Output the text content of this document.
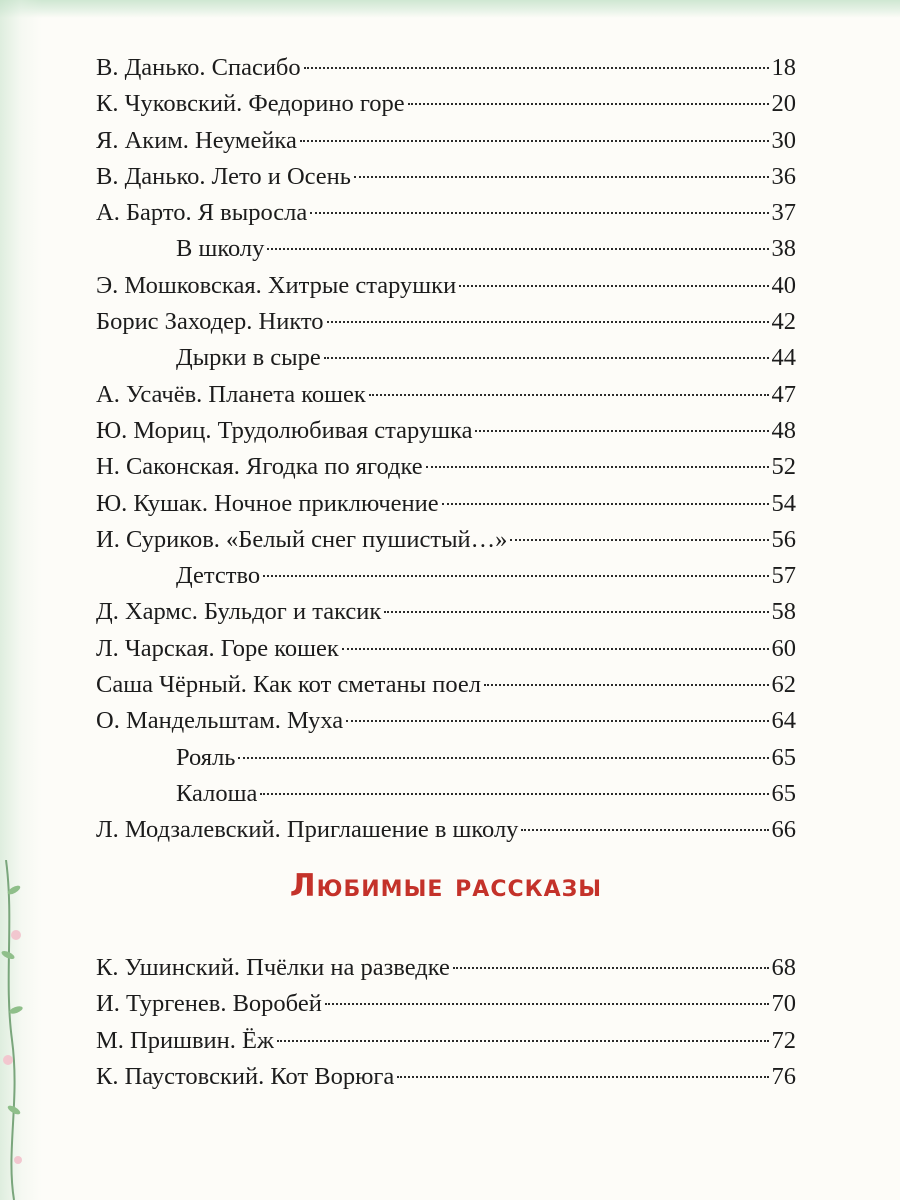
В. Данько. Спасибо	18
К. Чуковский. Федорино горе	20
Я. Аким. Неумейка	30
В. Данько. Лето и Осень	36
А. Барто. Я выросла	37
В школу	38
Э. Мошковская. Хитрые старушки	40
Борис Заходер. Никто	42
Дырки в сыре	44
А. Усачёв. Планета кошек	47
Ю. Мориц. Трудолюбивая старушка	48
Н. Саконская. Ягодка по ягодке	52
Ю. Кушак. Ночное приключение	54
И. Суриков. «Белый снег пушистый…»	56
Детство	57
Д. Хармс. Бульдог и таксик	58
Л. Чарская. Горе кошек	60
Саша Чёрный. Как кот сметаны поел	62
О. Мандельштам. Муха	64
Рояль	65
Калоша	65
Л. Модзалевский. Приглашение в школу	66
Любимые рассказы
К. Ушинский. Пчёлки на разведке	68
И. Тургенев. Воробей	70
М. Пришвин. Ёж	72
К. Паустовский. Кот Ворюга	76
